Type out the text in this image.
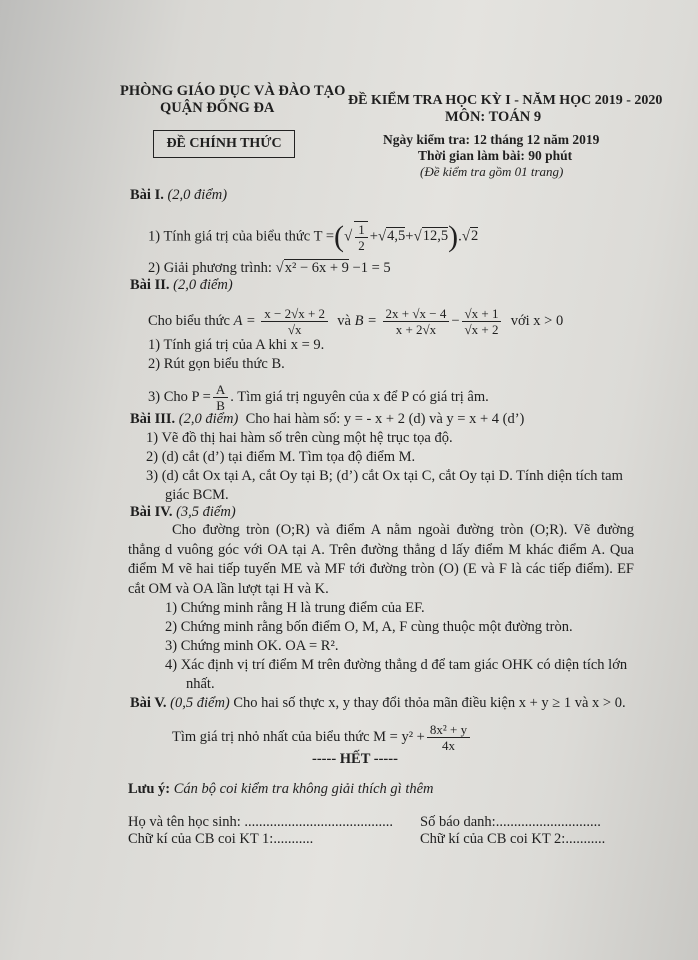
PHÒNG GIÁO DỤC VÀ ĐÀO TẠO
QUẬN ĐỐNG ĐA	ĐỀ KIỂM TRA HỌC KỲ I - NĂM HỌC 2019 - 2020
MÔN: TOÁN 9
ĐỀ CHÍNH THỨC	Ngày kiểm tra: 12 tháng 12 năm 2019
Thời gian làm bài: 90 phút
(Đề kiểm tra gồm 01 trang)
Bài I. (2,0 điểm)
1) Tính giá trị của biểu thức T =(√ $\frac{1}{2} +√4,5+√12,5).√2$
2) Giải phương trình: √x² − 6x + 9 −1 = 5
Bài II. (2,0 điểm)
Cho biểu thức $A = \frac{x - 2√x + 2}{√x}$ và $B = \frac{2x + √x - 4}{x + 2√x} - \frac{√x + 1}{√x + 2}$ với x > 0
1) Tính giá trị của A khi x = 9.
2) Rút gọn biểu thức B.
3) Cho $P = \frac{A}{B}$ . Tìm giá trị nguyên của x để P có giá trị âm.
Bài III. (2,0 điểm) Cho hai hàm số: y = - x + 2 (d) và y = x + 4 (d’)
1) Vẽ đồ thị hai hàm số trên cùng một hệ trục tọa độ.
2) (d) cắt (d’) tại điểm M. Tìm tọa độ điểm M.
3) (d) cắt Ox tại A, cắt Oy tại B; (d’) cắt Ox tại C, cắt Oy tại D. Tính diện tích tam
giác BCM.
Bài IV. (3,5 điểm)
Cho đường tròn (O;R) và điểm A nằm ngoài đường tròn (O;R). Vẽ đường thẳng d vuông góc với OA tại A. Trên đường thẳng d lấy điểm M khác điểm A. Qua điểm M vẽ hai tiếp tuyến ME và MF tới đường tròn (O) (E và F là các tiếp điểm). EF cắt OM và OA lần lượt tại H và K.
1) Chứng minh rằng H là trung điểm của EF.
2) Chứng minh rằng bốn điểm O, M, A, F cùng thuộc một đường tròn.
3) Chứng minh OK. OA = R².
4) Xác định vị trí điểm M trên đường thẳng d để tam giác OHK có diện tích lớn
nhất.
Bài V. (0,5 điểm) Cho hai số thực x, y thay đổi thỏa mãn điều kiện x + y ≥ 1 và x > 0.
Tìm giá trị nhỏ nhất của biểu thức $M = y^2 + \frac{\text{8x² + y}}{4x}$
----- HẾT -----
Lưu ý: Cán bộ coi kiểm tra không giải thích gì thêm
Họ và tên học sinh: ......................................... Số báo danh:.............................
Chữ kí của CB coi KT 1:...........	Chữ kí của CB coi KT 2:...........
